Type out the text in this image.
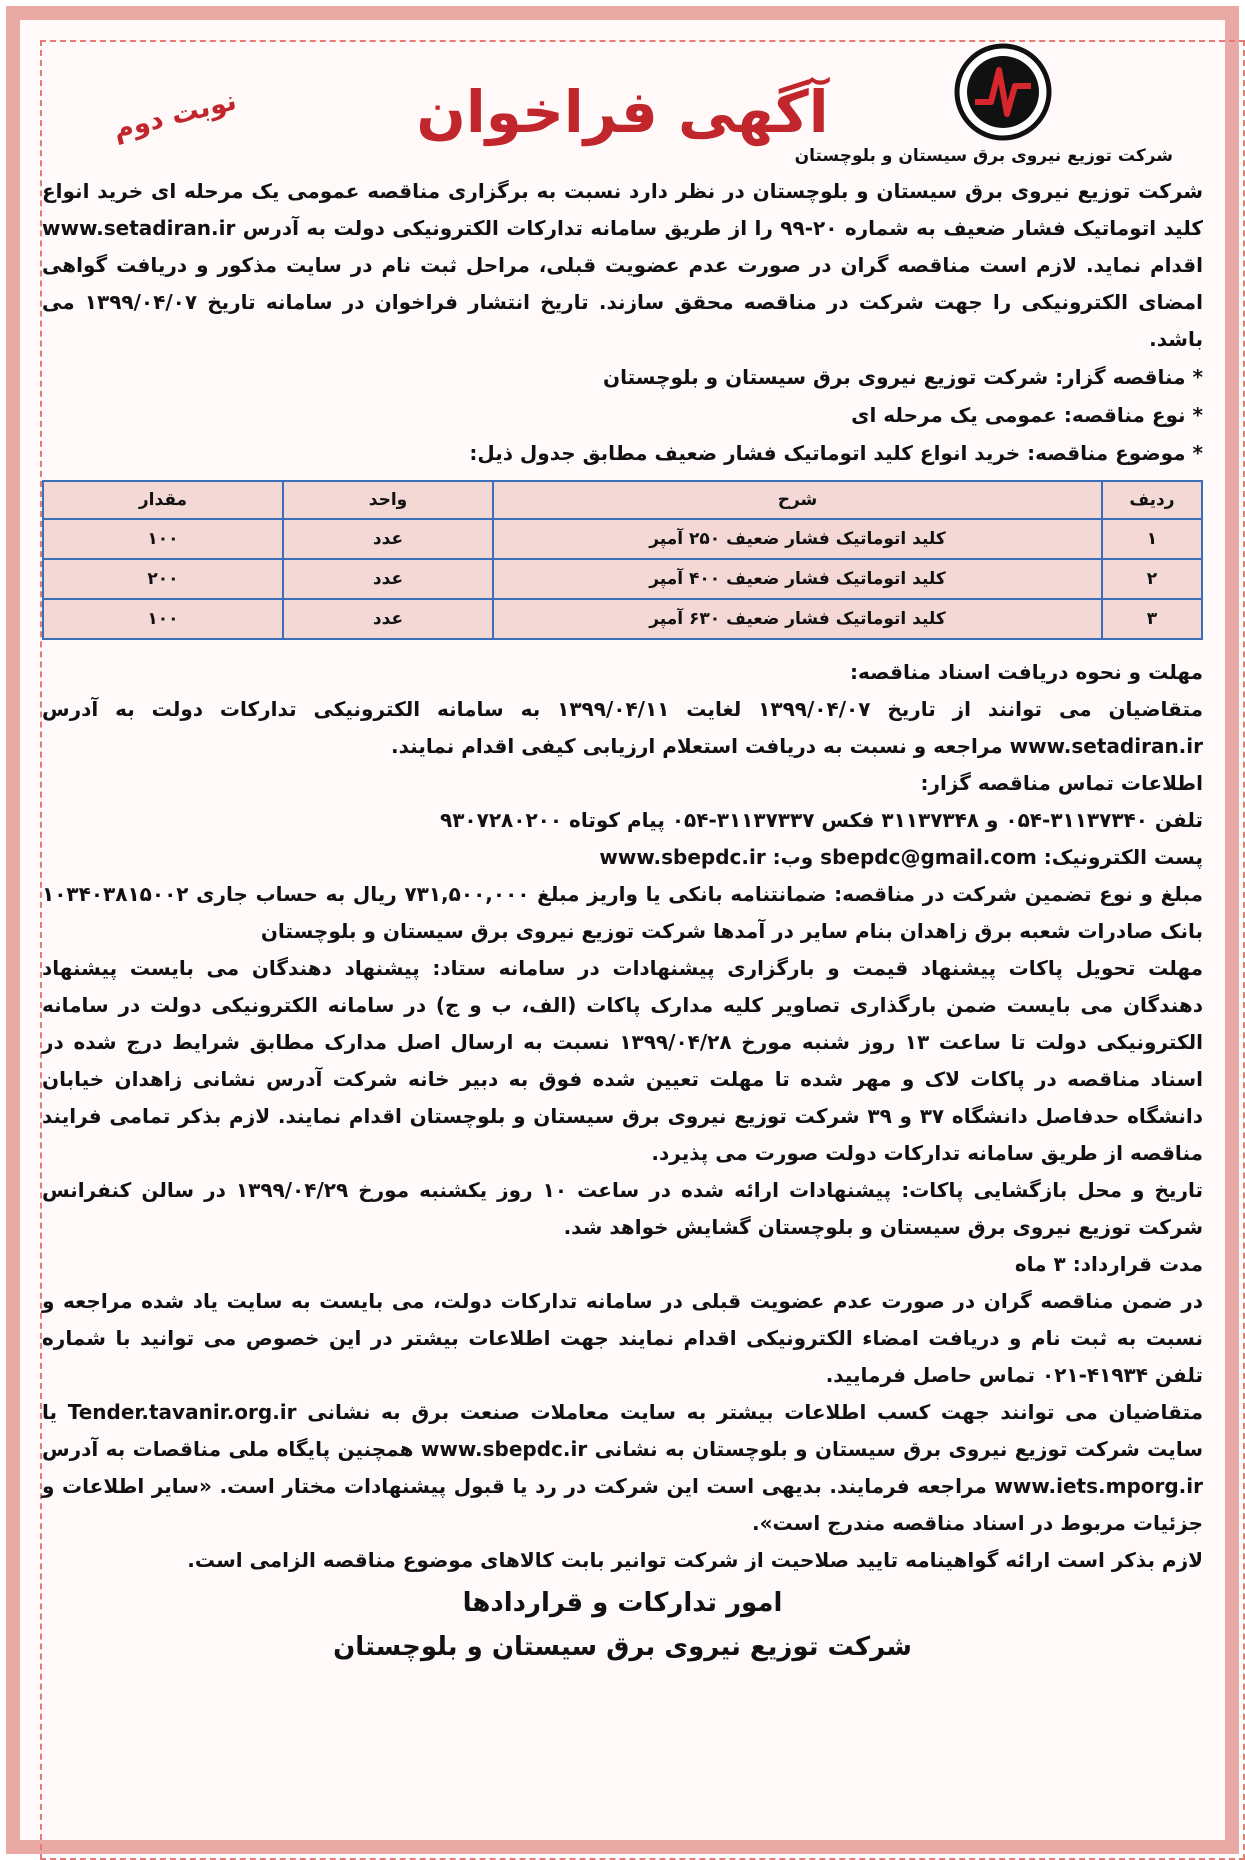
شرکت توزیع نیروی برق سیستان و بلوچستان
آگهی فراخوان
نوبت دوم

شرکت توزیع نیروی برق سیستان و بلوچستان در نظر دارد نسبت به برگزاری مناقصه عمومی یک مرحله ای خرید انواع کلید اتوماتیک فشار ضعیف به شماره ۲۰-۹۹ را از طریق سامانه تدارکات الکترونیکی دولت به آدرس www.setadiran.ir اقدام نماید. لازم است مناقصه گران در صورت عدم عضویت قبلی، مراحل ثبت نام در سایت مذکور و دریافت گواهی امضای الکترونیکی را جهت شرکت در مناقصه محقق سازند. تاریخ انتشار فراخوان در سامانه تاریخ ۱۳۹۹/۰۴/۰۷ می باشد.

* مناقصه گزار: شرکت توزیع نیروی برق سیستان و بلوچستان
* نوع مناقصه: عمومی یک مرحله ای
* موضوع مناقصه: خرید انواع کلید اتوماتیک فشار ضعیف مطابق جدول ذیل:
ردیف	شرح	واحد	مقدار
۱	کلید اتوماتیک فشار ضعیف ۲۵۰ آمپر	عدد	۱۰۰
۲	کلید اتوماتیک فشار ضعیف ۴۰۰ آمپر	عدد	۲۰۰
۳	کلید اتوماتیک فشار ضعیف ۶۳۰ آمپر	عدد	۱۰۰

مهلت و نحوه دریافت اسناد مناقصه:

متقاضیان می توانند از تاریخ ۱۳۹۹/۰۴/۰۷ لغایت ۱۳۹۹/۰۴/۱۱ به سامانه الکترونیکی تدارکات دولت به آدرس www.setadiran.ir مراجعه و نسبت به دریافت استعلام ارزیابی کیفی اقدام نمایند.

اطلاعات تماس مناقصه گزار:

تلفن ۳۱۱۳۷۳۴۰-۰۵۴ و ۳۱۱۳۷۳۴۸ فکس ۳۱۱۳۷۳۳۷-۰۵۴ پیام کوتاه ۹۳۰۷۲۸۰۲۰۰

پست الکترونیک: sbepdc@gmail.com وب: www.sbepdc.ir

مبلغ و نوع تضمین شرکت در مناقصه: ضمانتنامه بانکی یا واریز مبلغ ۷۳۱,۵۰۰,۰۰۰ ریال به حساب جاری ۱۰۳۴۰۳۸۱۵۰۰۲ بانک صادرات شعبه برق زاهدان بنام سایر در آمدها شرکت توزیع نیروی برق سیستان و بلوچستان

مهلت تحویل پاکات پیشنهاد قیمت و بارگزاری پیشنهادات در سامانه ستاد: پیشنهاد دهندگان می بایست پیشنهاد دهندگان می بایست ضمن بارگذاری تصاویر کلیه مدارک پاکات (الف، ب و ج) در سامانه الکترونیکی دولت در سامانه الکترونیکی دولت تا ساعت ۱۳ روز شنبه مورخ ۱۳۹۹/۰۴/۲۸ نسبت به ارسال اصل مدارک مطابق شرایط درج شده در اسناد مناقصه در پاکات لاک و مهر شده تا مهلت تعیین شده فوق به دبیر خانه شرکت آدرس نشانی زاهدان خیابان دانشگاه حدفاصل دانشگاه ۳۷ و ۳۹ شرکت توزیع نیروی برق سیستان و بلوچستان اقدام نمایند. لازم بذکر تمامی فرایند مناقصه از طریق سامانه تدارکات دولت صورت می پذیرد.

تاریخ و محل بازگشایی پاکات: پیشنهادات ارائه شده در ساعت ۱۰ روز یکشنبه مورخ ۱۳۹۹/۰۴/۲۹ در سالن کنفرانس شرکت توزیع نیروی برق سیستان و بلوچستان گشایش خواهد شد.

مدت قرارداد: ۳ ماه

در ضمن مناقصه گران در صورت عدم عضویت قبلی در سامانه تدارکات دولت، می بایست به سایت یاد شده مراجعه و نسبت به ثبت نام و دریافت امضاء الکترونیکی اقدام نمایند جهت اطلاعات بیشتر در این خصوص می توانید با شماره تلفن ۴۱۹۳۴-۰۲۱ تماس حاصل فرمایید.

متقاضیان می توانند جهت کسب اطلاعات بیشتر به سایت معاملات صنعت برق به نشانی Tender.tavanir.org.ir یا سایت شرکت توزیع نیروی برق سیستان و بلوچستان به نشانی www.sbepdc.ir همچنین پایگاه ملی مناقصات به آدرس www.iets.mporg.ir مراجعه فرمایند. بدیهی است این شرکت در رد یا قبول پیشنهادات مختار است. «سایر اطلاعات و جزئیات مربوط در اسناد مناقصه مندرج است».

لازم بذکر است ارائه گواهینامه تایید صلاحیت از شرکت توانیر بابت کالاهای موضوع مناقصه الزامی است.

امور تدارکات و قراردادها
شرکت توزیع نیروی برق سیستان و بلوچستان
